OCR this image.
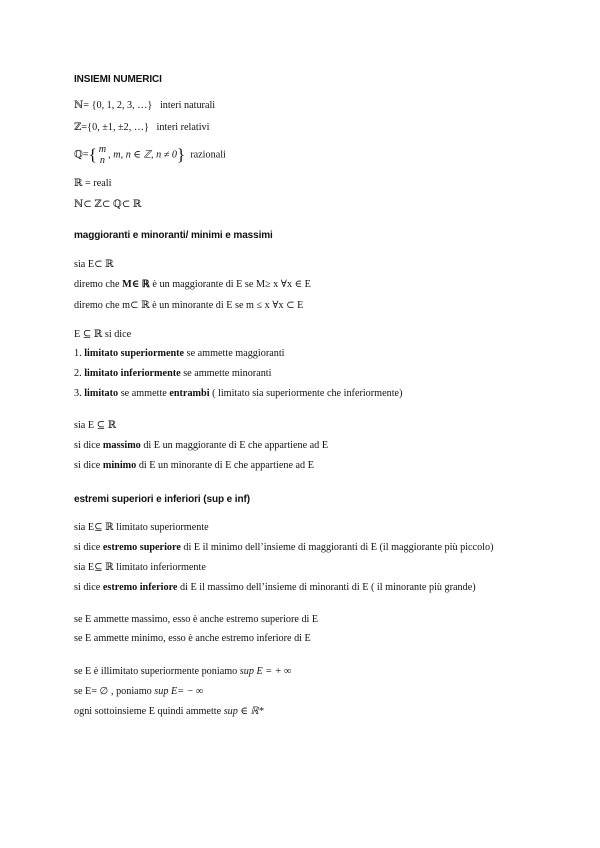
INSIEMI NUMERICI
ℕ= {0, 1, 2, 3, …} interi naturali
ℤ={0, ±1, ±2, …} interi relativi
ℚ={ m
n
, m, n ∈ ℤ, n ≠ 0} razionali
ℝ = reali
ℕ⊂ ℤ⊂ ℚ⊂ ℝ
maggioranti e minoranti/ minimi e massimi
sia E⊂ ℝ
diremo che M∈ ℝ è un maggiorante di E se M≥ x ∀x ∈ E
diremo che m⊂ ℝ è un minorante di E se m ≤ x ∀x ⊂ E
E ⊆ ℝ si dice
1. limitato superiormente se ammette maggioranti
2. limitato inferiormente se ammette minoranti
3. limitato se ammette entrambi ( limitato sia superiormente che inferiormente)
sia E ⊆ ℝ
si dice massimo di E un maggiorante di E che appartiene ad E
si dice minimo di E un minorante di E che appartiene ad E
estremi superiori e inferiori (sup e inf)
sia E⊆ ℝ limitato superiormente
si dice estremo superiore di E il minimo dell’insieme di maggioranti di E (il maggiorante più piccolo)
sia E⊆ ℝ limitato inferiormente
si dice estremo inferiore di E il massimo dell’insieme di minoranti di E ( il minorante più grande)
se E ammette massimo, esso è anche estremo superiore di E
se E ammette minimo, esso è anche estremo inferiore di E
se E è illimitato superiormente poniamo sup E = + ∞
se E= ∅ , poniamo sup E= − ∞
ogni sottoinsieme E quindi ammette sup ∈ ℝ*
